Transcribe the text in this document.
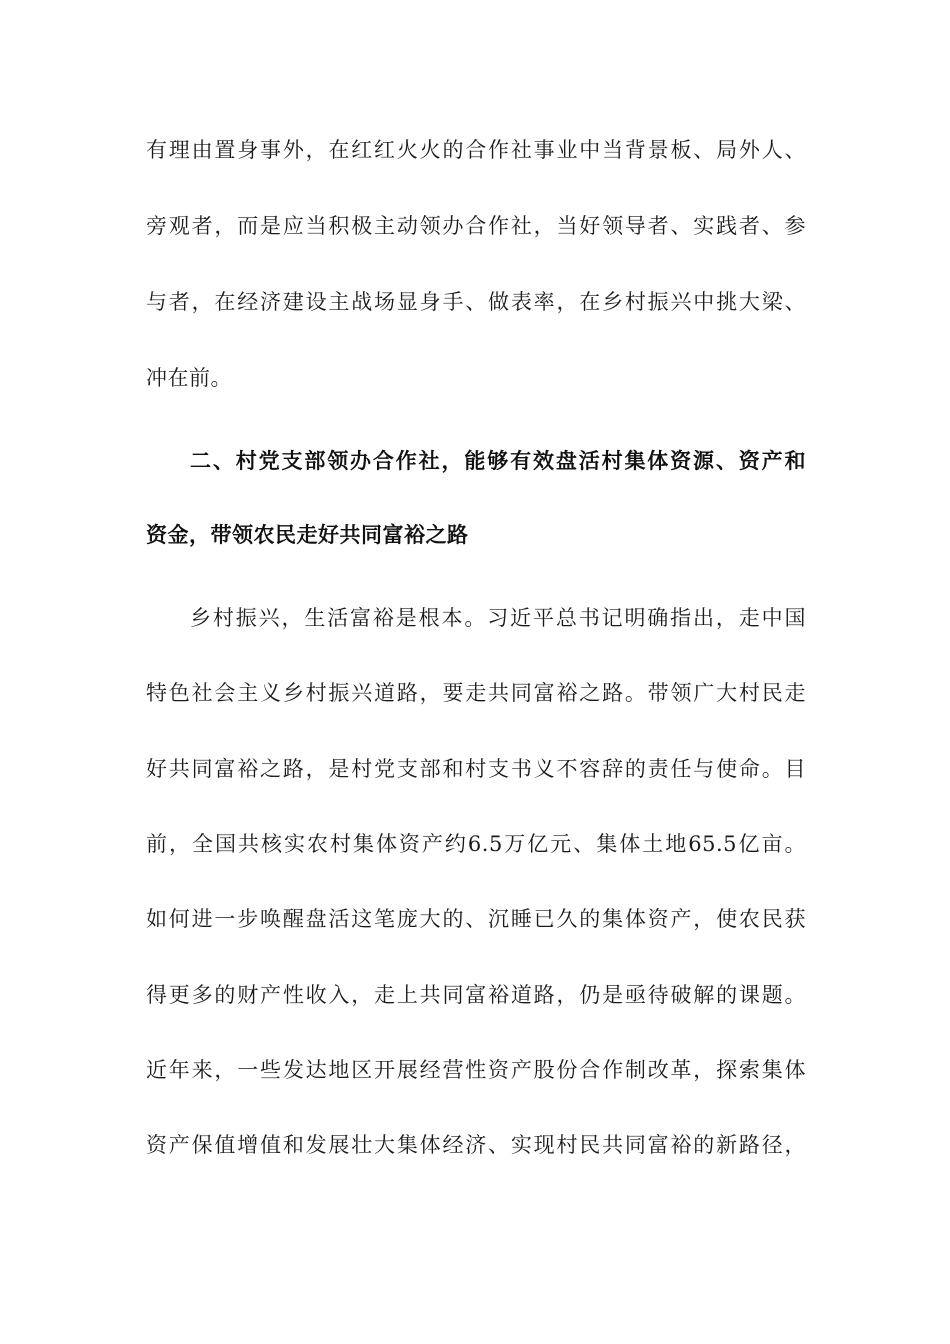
有理由置身事外，在红红火火的合作社事业中当背景板、局外人、
旁观者，而是应当积极主动领办合作社，当好领导者、实践者、参
与者，在经济建设主战场显身手、做表率，在乡村振兴中挑大梁、
冲在前。
二、村党支部领办合作社，能够有效盘活村集体资源、资产和
资金，带领农民走好共同富裕之路
乡村振兴，生活富裕是根本。习近平总书记明确指出，走中国
特色社会主义乡村振兴道路，要走共同富裕之路。带领广大村民走
好共同富裕之路，是村党支部和村支书义不容辞的责任与使命。目
前，全国共核实农村集体资产约6.5万亿元、集体土地65.5亿亩。
如何进一步唤醒盘活这笔庞大的、沉睡已久的集体资产，使农民获
得更多的财产性收入，走上共同富裕道路，仍是亟待破解的课题。
近年来，一些发达地区开展经营性资产股份合作制改革，探索集体
资产保值增值和发展壮大集体经济、实现村民共同富裕的新路径，
